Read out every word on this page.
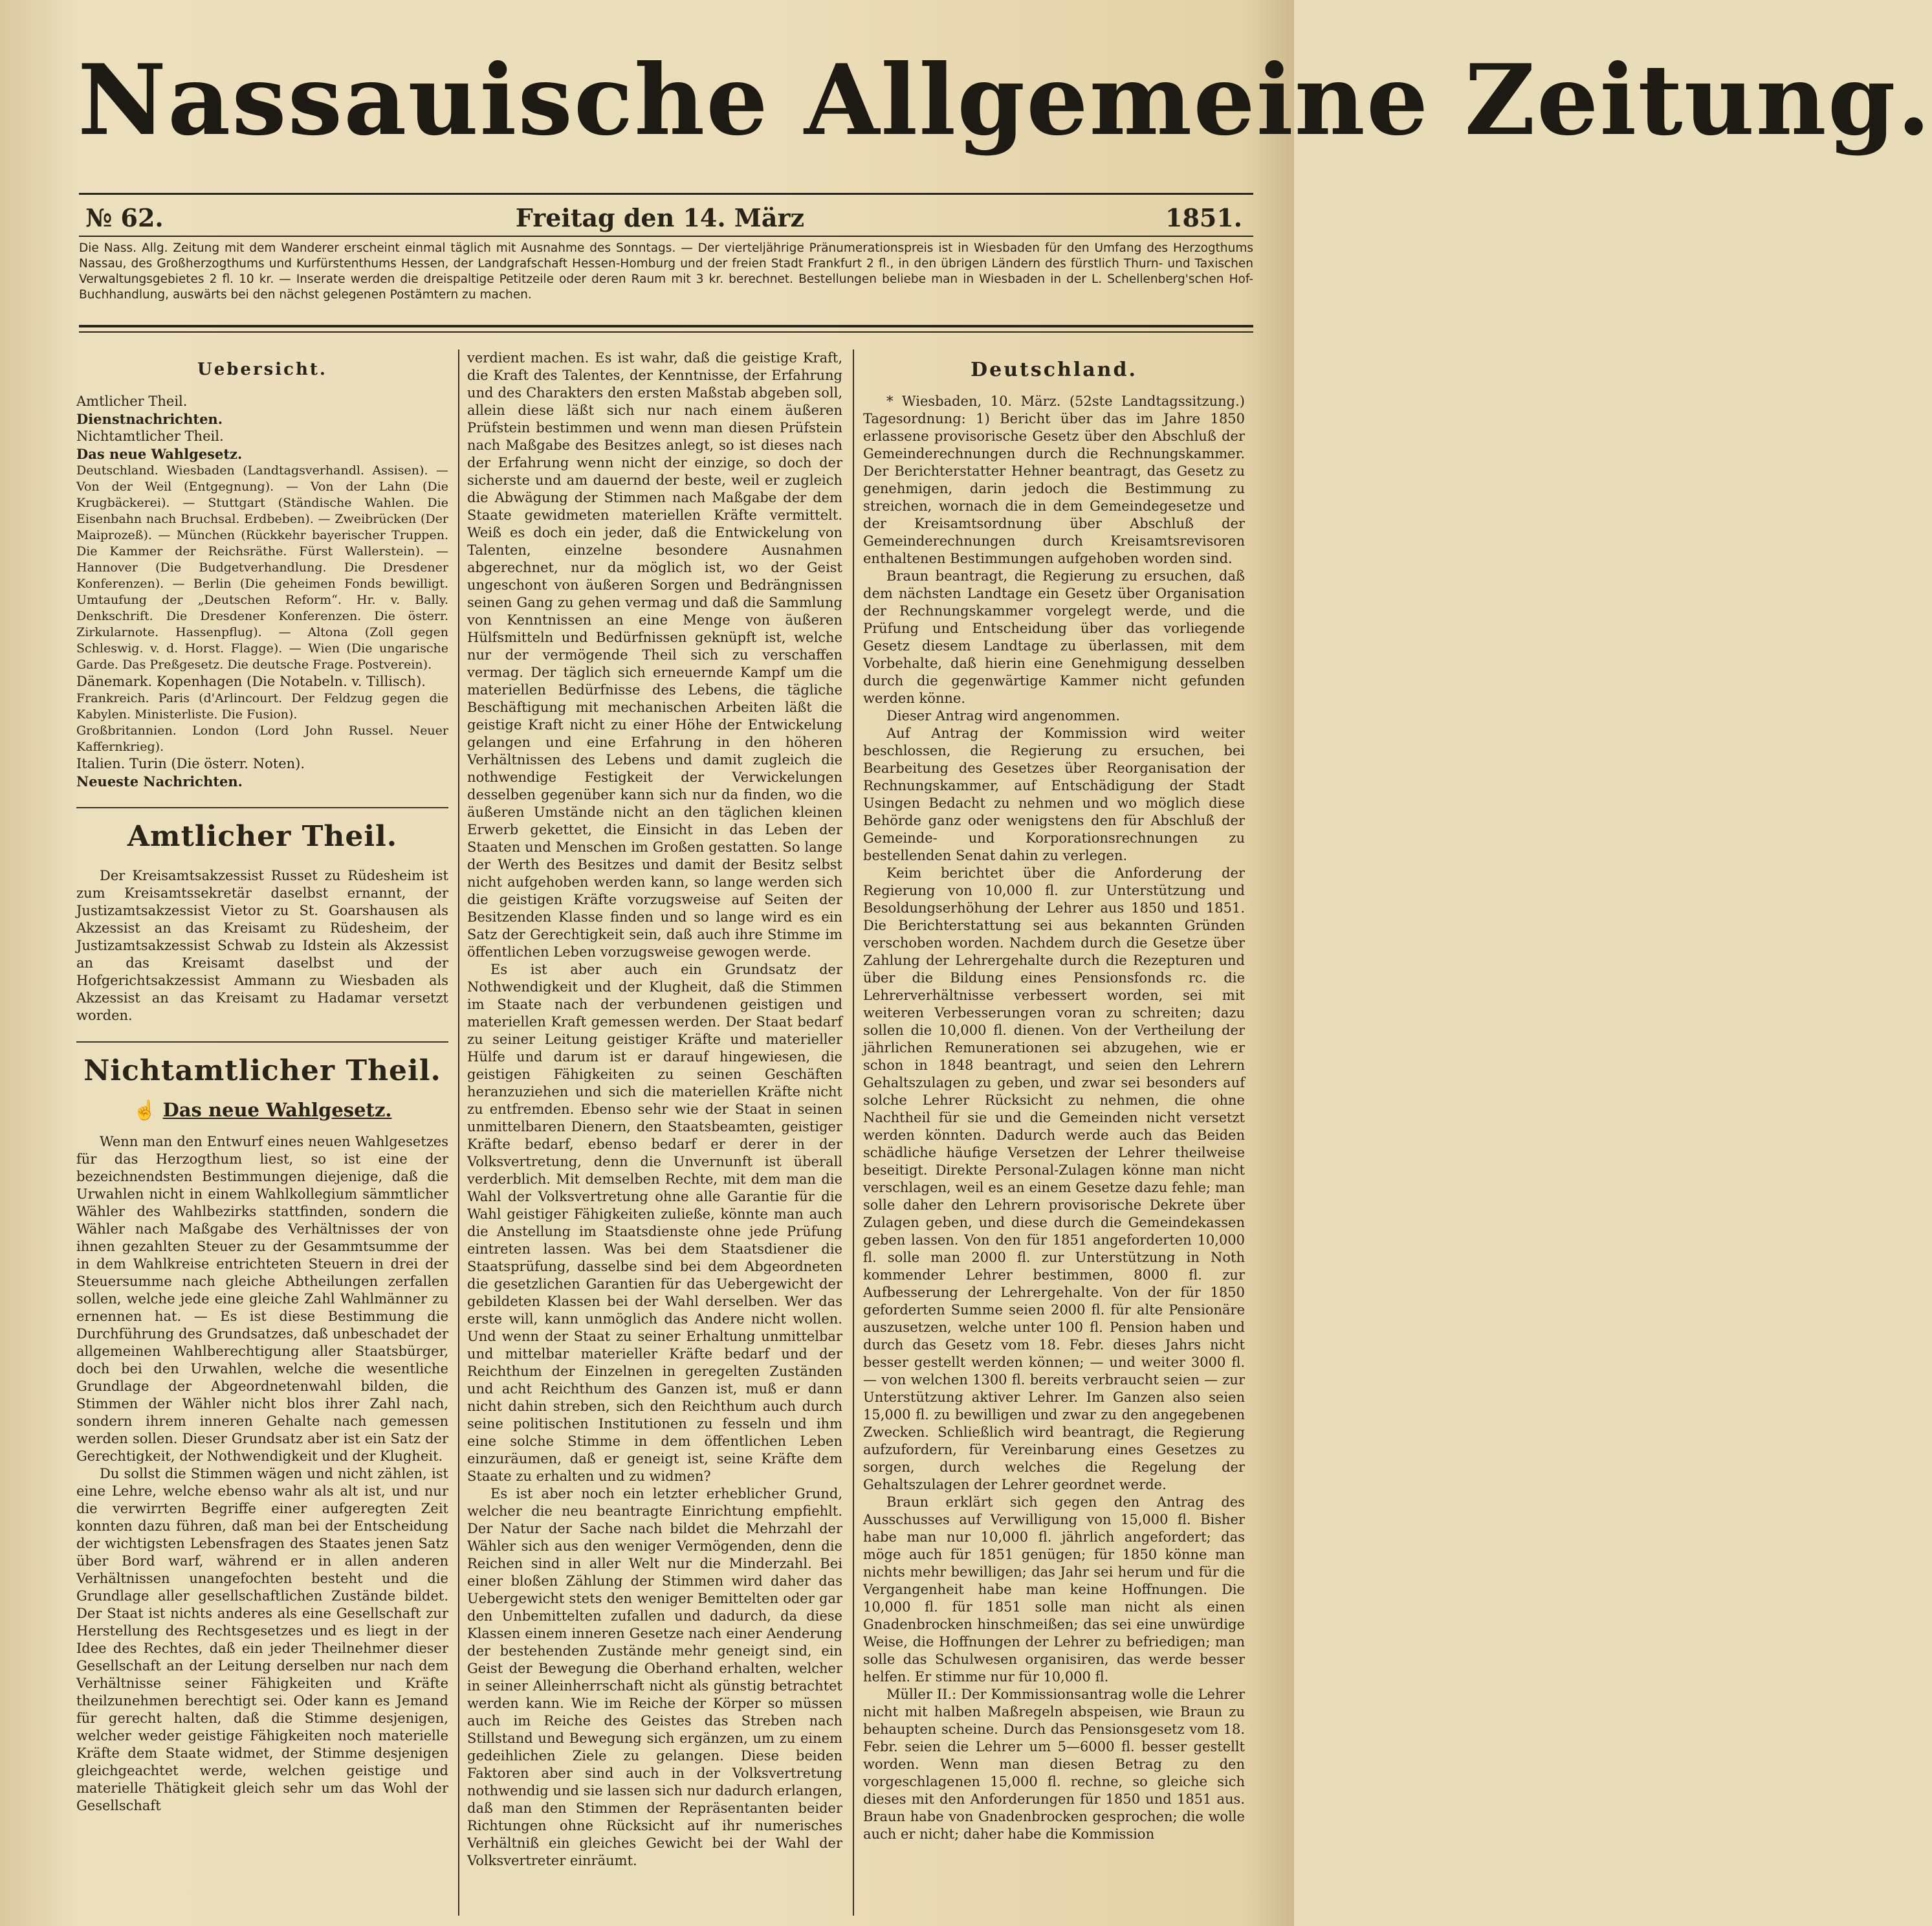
Nassauische Allgemeine Zeitung.
№ 62.	Freitag den 14. März	1851.
Die Nass. Allg. Zeitung mit dem Wanderer erscheint einmal täglich mit Ausnahme des Sonntags. — Der vierteljährige Pränumerationspreis ist in Wiesbaden für den Umfang des Herzogthums Nassau, des Großherzogthums und Kurfürstenthums Hessen, der Landgrafschaft Hessen-Homburg und der freien Stadt Frankfurt 2 fl., in den übrigen Ländern des fürstlich Thurn- und Taxischen Verwaltungsgebietes 2 fl. 10 kr. — Inserate werden die dreispaltige Petitzeile oder deren Raum mit 3 kr. berechnet. Bestellungen beliebe man in Wiesbaden in der L. Schellenberg'schen Hof-Buchhandlung, auswärts bei den nächst gelegenen Postämtern zu machen.
Uebersicht.

Amtlicher Theil.

Dienstnachrichten.

Nichtamtlicher Theil.

Das neue Wahlgesetz.

Deutschland. Wiesbaden (Landtagsverhandl. Assisen). — Von der Weil (Entgegnung). — Von der Lahn (Die Krugbäckerei). — Stuttgart (Ständische Wahlen. Die Eisenbahn nach Bruchsal. Erdbeben). — Zweibrücken (Der Maiprozeß). — München (Rückkehr bayerischer Truppen. Die Kammer der Reichsräthe. Fürst Wallerstein). — Hannover (Die Budgetverhandlung. Die Dresdener Konferenzen). — Berlin (Die geheimen Fonds bewilligt. Umtaufung der „Deutschen Reform“. Hr. v. Bally. Denkschrift. Die Dresdener Konferenzen. Die österr. Zirkularnote. Hassenpflug). — Altona (Zoll gegen Schleswig. v. d. Horst. Flagge). — Wien (Die ungarische Garde. Das Preßgesetz. Die deutsche Frage. Postverein).

Dänemark. Kopenhagen (Die Notabeln. v. Tillisch).

Frankreich. Paris (d'Arlincourt. Der Feldzug gegen die Kabylen. Ministerliste. Die Fusion).

Großbritannien. London (Lord John Russel. Neuer Kaffernkrieg).

Italien. Turin (Die österr. Noten).

Neueste Nachrichten.

Amtlicher Theil.

Der Kreisamtsakzessist Russet zu Rüdesheim ist zum Kreisamtssekretär daselbst ernannt, der Justizamtsakzessist Vietor zu St. Goarshausen als Akzessist an das Kreisamt zu Rüdesheim, der Justizamtsakzessist Schwab zu Idstein als Akzessist an das Kreisamt daselbst und der Hofgerichtsakzessist Ammann zu Wiesbaden als Akzessist an das Kreisamt zu Hadamar versetzt worden.

Nichtamtlicher Theil.
☝ Das neue Wahlgesetz.

Wenn man den Entwurf eines neuen Wahlgesetzes für das Herzogthum liest, so ist eine der bezeichnendsten Bestimmungen diejenige, daß die Urwahlen nicht in einem Wahlkollegium sämmtlicher Wähler des Wahlbezirks stattfinden, sondern die Wähler nach Maßgabe des Verhältnisses der von ihnen gezahlten Steuer zu der Gesammtsumme der in dem Wahlkreise entrichteten Steuern in drei der Steuersumme nach gleiche Abtheilungen zerfallen sollen, welche jede eine gleiche Zahl Wahlmänner zu ernennen hat. — Es ist diese Bestimmung die Durchführung des Grundsatzes, daß unbeschadet der allgemeinen Wahlberechtigung aller Staatsbürger, doch bei den Urwahlen, welche die wesentliche Grundlage der Abgeordnetenwahl bilden, die Stimmen der Wähler nicht blos ihrer Zahl nach, sondern ihrem inneren Gehalte nach gemessen werden sollen. Dieser Grundsatz aber ist ein Satz der Gerechtigkeit, der Nothwendigkeit und der Klugheit.

Du sollst die Stimmen wägen und nicht zählen, ist eine Lehre, welche ebenso wahr als alt ist, und nur die verwirrten Begriffe einer aufgeregten Zeit konnten dazu führen, daß man bei der Entscheidung der wichtigsten Lebensfragen des Staates jenen Satz über Bord warf, während er in allen anderen Verhältnissen unangefochten besteht und die Grundlage aller gesellschaftlichen Zustände bildet. Der Staat ist nichts anderes als eine Gesellschaft zur Herstellung des Rechtsgesetzes und es liegt in der Idee des Rechtes, daß ein jeder Theilnehmer dieser Gesellschaft an der Leitung derselben nur nach dem Verhältnisse seiner Fähigkeiten und Kräfte theilzunehmen berechtigt sei. Oder kann es Jemand für gerecht halten, daß die Stimme desjenigen, welcher weder geistige Fähigkeiten noch materielle Kräfte dem Staate widmet, der Stimme desjenigen gleichgeachtet werde, welchen geistige und materielle Thätigkeit gleich sehr um das Wohl der Gesellschaft

verdient machen. Es ist wahr, daß die geistige Kraft, die Kraft des Talentes, der Kenntnisse, der Erfahrung und des Charakters den ersten Maßstab abgeben soll, allein diese läßt sich nur nach einem äußeren Prüfstein bestimmen und wenn man diesen Prüfstein nach Maßgabe des Besitzes anlegt, so ist dieses nach der Erfahrung wenn nicht der einzige, so doch der sicherste und am dauernd der beste, weil er zugleich die Abwägung der Stimmen nach Maßgabe der dem Staate gewidmeten materiellen Kräfte vermittelt. Weiß es doch ein jeder, daß die Entwickelung von Talenten, einzelne besondere Ausnahmen abgerechnet, nur da möglich ist, wo der Geist ungeschont von äußeren Sorgen und Bedrängnissen seinen Gang zu gehen vermag und daß die Sammlung von Kenntnissen an eine Menge von äußeren Hülfsmitteln und Bedürfnissen geknüpft ist, welche nur der vermögende Theil sich zu verschaffen vermag. Der täglich sich erneuernde Kampf um die materiellen Bedürfnisse des Lebens, die tägliche Beschäftigung mit mechanischen Arbeiten läßt die geistige Kraft nicht zu einer Höhe der Entwickelung gelangen und eine Erfahrung in den höheren Verhältnissen des Lebens und damit zugleich die nothwendige Festigkeit der Verwickelungen desselben gegenüber kann sich nur da finden, wo die äußeren Umstände nicht an den täglichen kleinen Erwerb gekettet, die Einsicht in das Leben der Staaten und Menschen im Großen gestatten. So lange der Werth des Besitzes und damit der Besitz selbst nicht aufgehoben werden kann, so lange werden sich die geistigen Kräfte vorzugsweise auf Seiten der Besitzenden Klasse finden und so lange wird es ein Satz der Gerechtigkeit sein, daß auch ihre Stimme im öffentlichen Leben vorzugsweise gewogen werde.

Es ist aber auch ein Grundsatz der Nothwendigkeit und der Klugheit, daß die Stimmen im Staate nach der verbundenen geistigen und materiellen Kraft gemessen werden. Der Staat bedarf zu seiner Leitung geistiger Kräfte und materieller Hülfe und darum ist er darauf hingewiesen, die geistigen Fähigkeiten zu seinen Geschäften heranzuziehen und sich die materiellen Kräfte nicht zu entfremden. Ebenso sehr wie der Staat in seinen unmittelbaren Dienern, den Staatsbeamten, geistiger Kräfte bedarf, ebenso bedarf er derer in der Volksvertretung, denn die Unvernunft ist überall verderblich. Mit demselben Rechte, mit dem man die Wahl der Volksvertretung ohne alle Garantie für die Wahl geistiger Fähigkeiten zuließe, könnte man auch die Anstellung im Staatsdienste ohne jede Prüfung eintreten lassen. Was bei dem Staatsdiener die Staatsprüfung, dasselbe sind bei dem Abgeordneten die gesetzlichen Garantien für das Uebergewicht der gebildeten Klassen bei der Wahl derselben. Wer das erste will, kann unmöglich das Andere nicht wollen. Und wenn der Staat zu seiner Erhaltung unmittelbar und mittelbar materieller Kräfte bedarf und der Reichthum der Einzelnen in geregelten Zuständen und acht Reichthum des Ganzen ist, muß er dann nicht dahin streben, sich den Reichthum auch durch seine politischen Institutionen zu fesseln und ihm eine solche Stimme in dem öffentlichen Leben einzuräumen, daß er geneigt ist, seine Kräfte dem Staate zu erhalten und zu widmen?

Es ist aber noch ein letzter erheblicher Grund, welcher die neu beantragte Einrichtung empfiehlt. Der Natur der Sache nach bildet die Mehrzahl der Wähler sich aus den weniger Vermögenden, denn die Reichen sind in aller Welt nur die Minderzahl. Bei einer bloßen Zählung der Stimmen wird daher das Uebergewicht stets den weniger Bemittelten oder gar den Unbemittelten zufallen und dadurch, da diese Klassen einem inneren Gesetze nach einer Aenderung der bestehenden Zustände mehr geneigt sind, ein Geist der Bewegung die Oberhand erhalten, welcher in seiner Alleinherrschaft nicht als günstig betrachtet werden kann. Wie im Reiche der Körper so müssen auch im Reiche des Geistes das Streben nach Stillstand und Bewegung sich ergänzen, um zu einem gedeihlichen Ziele zu gelangen. Diese beiden Faktoren aber sind auch in der Volksvertretung nothwendig und sie lassen sich nur dadurch erlangen, daß man den Stimmen der Repräsentanten beider Richtungen ohne Rücksicht auf ihr numerisches Verhältniß ein gleiches Gewicht bei der Wahl der Volksvertreter einräumt.

Deutschland.

* Wiesbaden, 10. März. (52ste Landtagssitzung.) Tagesordnung: 1) Bericht über das im Jahre 1850 erlassene provisorische Gesetz über den Abschluß der Gemeinderechnungen durch die Rechnungskammer. Der Berichterstatter Hehner beantragt, das Gesetz zu genehmigen, darin jedoch die Bestimmung zu streichen, wornach die in dem Gemeindegesetze und der Kreisamtsordnung über Abschluß der Gemeinderechnungen durch Kreisamtsrevisoren enthaltenen Bestimmungen aufgehoben worden sind.

Braun beantragt, die Regierung zu ersuchen, daß dem nächsten Landtage ein Gesetz über Organisation der Rechnungskammer vorgelegt werde, und die Prüfung und Entscheidung über das vorliegende Gesetz diesem Landtage zu überlassen, mit dem Vorbehalte, daß hierin eine Genehmigung desselben durch die gegenwärtige Kammer nicht gefunden werden könne.

Dieser Antrag wird angenommen.

Auf Antrag der Kommission wird weiter beschlossen, die Regierung zu ersuchen, bei Bearbeitung des Gesetzes über Reorganisation der Rechnungskammer, auf Entschädigung der Stadt Usingen Bedacht zu nehmen und wo möglich diese Behörde ganz oder wenigstens den für Abschluß der Gemeinde- und Korporationsrechnungen zu bestellenden Senat dahin zu verlegen.

Keim berichtet über die Anforderung der Regierung von 10,000 fl. zur Unterstützung und Besoldungserhöhung der Lehrer aus 1850 und 1851. Die Berichterstattung sei aus bekannten Gründen verschoben worden. Nachdem durch die Gesetze über Zahlung der Lehrergehalte durch die Rezepturen und über die Bildung eines Pensionsfonds rc. die Lehrerverhältnisse verbessert worden, sei mit weiteren Verbesserungen voran zu schreiten; dazu sollen die 10,000 fl. dienen. Von der Vertheilung der jährlichen Remunerationen sei abzugehen, wie er schon in 1848 beantragt, und seien den Lehrern Gehaltszulagen zu geben, und zwar sei besonders auf solche Lehrer Rücksicht zu nehmen, die ohne Nachtheil für sie und die Gemeinden nicht versetzt werden könnten. Dadurch werde auch das Beiden schädliche häufige Versetzen der Lehrer theilweise beseitigt. Direkte Personal-Zulagen könne man nicht verschlagen, weil es an einem Gesetze dazu fehle; man solle daher den Lehrern provisorische Dekrete über Zulagen geben, und diese durch die Gemeindekassen geben lassen. Von den für 1851 angeforderten 10,000 fl. solle man 2000 fl. zur Unterstützung in Noth kommender Lehrer bestimmen, 8000 fl. zur Aufbesserung der Lehrergehalte. Von der für 1850 geforderten Summe seien 2000 fl. für alte Pensionäre auszusetzen, welche unter 100 fl. Pension haben und durch das Gesetz vom 18. Febr. dieses Jahrs nicht besser gestellt werden können; — und weiter 3000 fl. — von welchen 1300 fl. bereits verbraucht seien — zur Unterstützung aktiver Lehrer. Im Ganzen also seien 15,000 fl. zu bewilligen und zwar zu den angegebenen Zwecken. Schließlich wird beantragt, die Regierung aufzufordern, für Vereinbarung eines Gesetzes zu sorgen, durch welches die Regelung der Gehaltszulagen der Lehrer geordnet werde.

Braun erklärt sich gegen den Antrag des Ausschusses auf Verwilligung von 15,000 fl. Bisher habe man nur 10,000 fl. jährlich angefordert; das möge auch für 1851 genügen; für 1850 könne man nichts mehr bewilligen; das Jahr sei herum und für die Vergangenheit habe man keine Hoffnungen. Die 10,000 fl. für 1851 solle man nicht als einen Gnadenbrocken hinschmeißen; das sei eine unwürdige Weise, die Hoffnungen der Lehrer zu befriedigen; man solle das Schulwesen organisiren, das werde besser helfen. Er stimme nur für 10,000 fl.

Müller II.: Der Kommissionsantrag wolle die Lehrer nicht mit halben Maßregeln abspeisen, wie Braun zu behaupten scheine. Durch das Pensionsgesetz vom 18. Febr. seien die Lehrer um 5—6000 fl. besser gestellt worden. Wenn man diesen Betrag zu den vorgeschlagenen 15,000 fl. rechne, so gleiche sich dieses mit den Anforderungen für 1850 und 1851 aus. Braun habe von Gnadenbrocken gesprochen; die wolle auch er nicht; daher habe die Kommission
